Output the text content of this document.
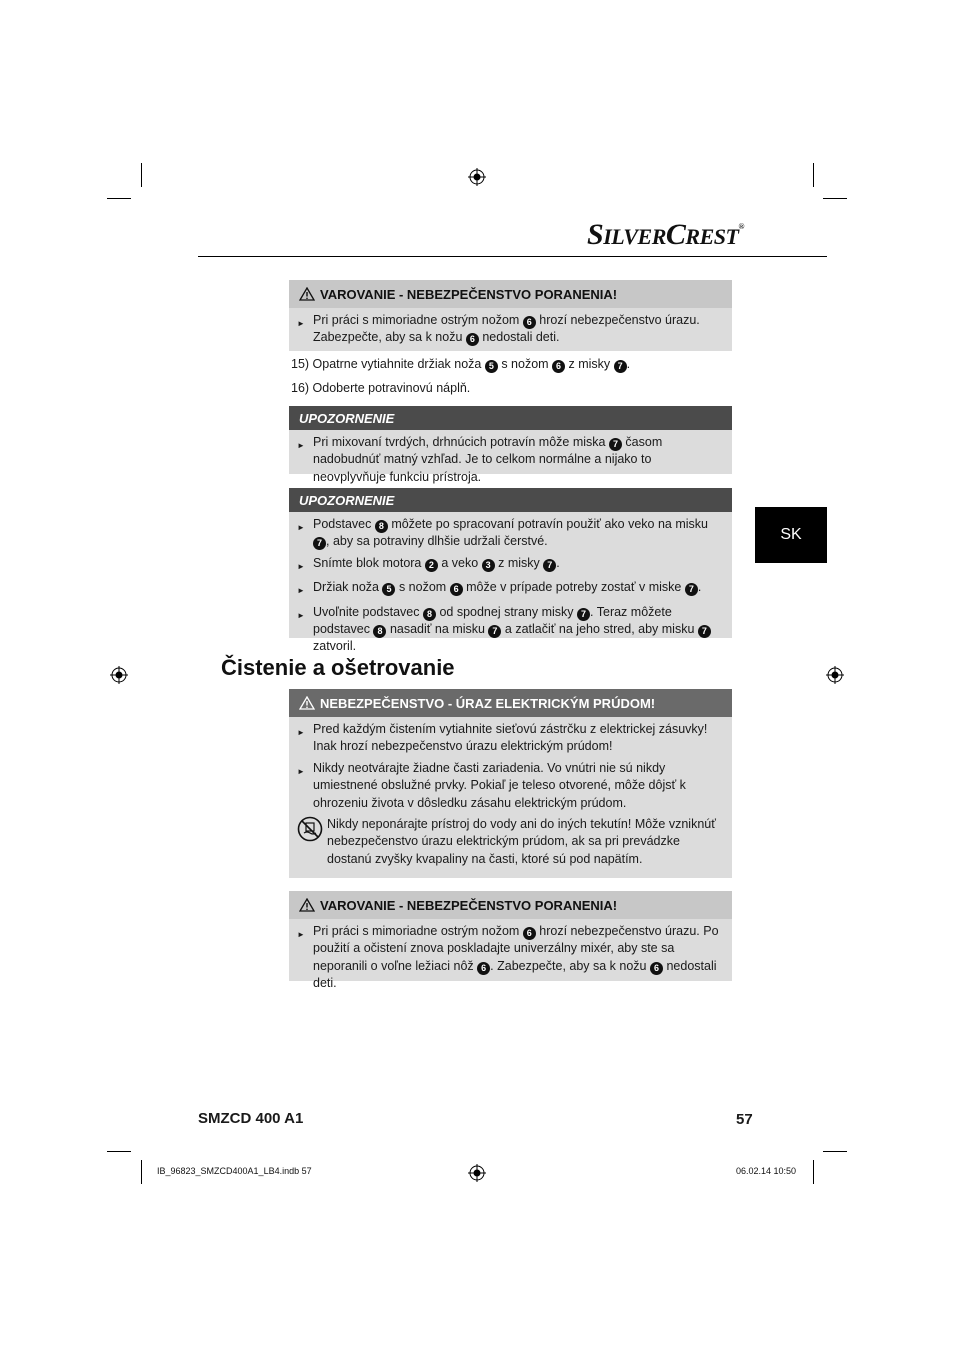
SILVERCREST®
SK
VAROVANIE - NEBEZPEČENSTVO PORANENIA!
► Pri práci s mimoriadne ostrým nožom 6 hrozí nebezpečenstvo úrazu. Zabezpečte, aby sa k nožu 6 nedostali deti.
15) Opatrne vytiahnite držiak noža 5 s nožom 6 z misky 7 .
16) Odoberte potravinovú náplň.
UPOZORNENIE
► Pri mixovaní tvrdých, drhnúcich potravín môže miska 7 časom nadobudnúť matný vzhľad. Je to celkom normálne a nijako to neovplyvňuje funkciu prístroja.
UPOZORNENIE
► Podstavec 8 môžete po spracovaní potravín použiť ako veko na misku 7 , aby sa potraviny dlhšie udržali čerstvé.
► Snímte blok motora 2 a veko 3 z misky 7 .
► Držiak noža 5 s nožom 6 môže v prípade potreby zostať v miske 7 .
► Uvoľnite podstavec 8 od spodnej strany misky 7 . Teraz môžete podstavec 8 nasadiť na misku 7 a zatlačiť na jeho stred, aby misku 7 zatvoril.
Čistenie a ošetrovanie
NEBEZPEČENSTVO - ÚRAZ ELEKTRICKÝM PRÚDOM!
► Pred každým čistením vytiahnite sieťovú zástrčku z elektrickej zásuvky! Inak hrozí nebezpečenstvo úrazu elektrickým prúdom!
► Nikdy neotvárajte žiadne časti zariadenia. Vo vnútri nie sú nikdy umiestnené obslužné prvky. Pokiaľ je teleso otvorené, môže dôjsť k ohrozeniu života v dôsledku zásahu elektrickým prúdom.
Nikdy neponárajte prístroj do vody ani do iných tekutín! Môže vzniknúť nebezpečenstvo úrazu elektrickým prúdom, ak sa pri prevádzke dostanú zvyšky kvapaliny na časti, ktoré sú pod napätím.
VAROVANIE - NEBEZPEČENSTVO PORANENIA!
► Pri práci s mimoriadne ostrým nožom 6 hrozí nebezpečenstvo úrazu. Po použití a očistení znova poskladajte univerzálny mixér, aby ste sa neporanili o voľne ležiaci nôž 6 . Zabezpečte, aby sa k nožu 6 nedostali deti.
SMZCD 400 A1	57
IB_96823_SMZCD400A1_LB4.indb 57	06.02.14 10:50
